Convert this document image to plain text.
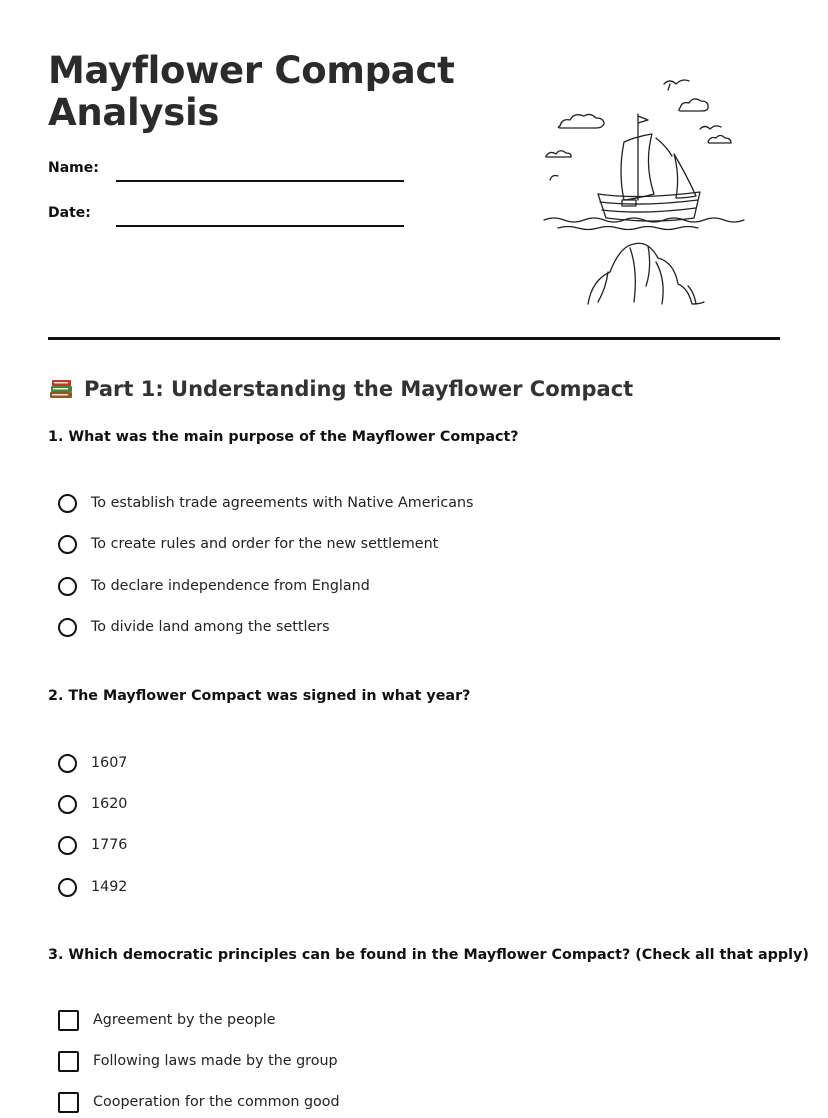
Mayflower Compact
Analysis
Name:
Date:
Part 1: Understanding the Mayflower Compact

1. What was the main purpose of the Mayflower Compact?

To establish trade agreements with Native Americans
To create rules and order for the new settlement
To declare independence from England
To divide land among the settlers

2. The Mayflower Compact was signed in what year?

1607
1620
1776
1492

3. Which democratic principles can be found in the Mayflower Compact? (Check all that apply)

Agreement by the people
Following laws made by the group
Cooperation for the common good
